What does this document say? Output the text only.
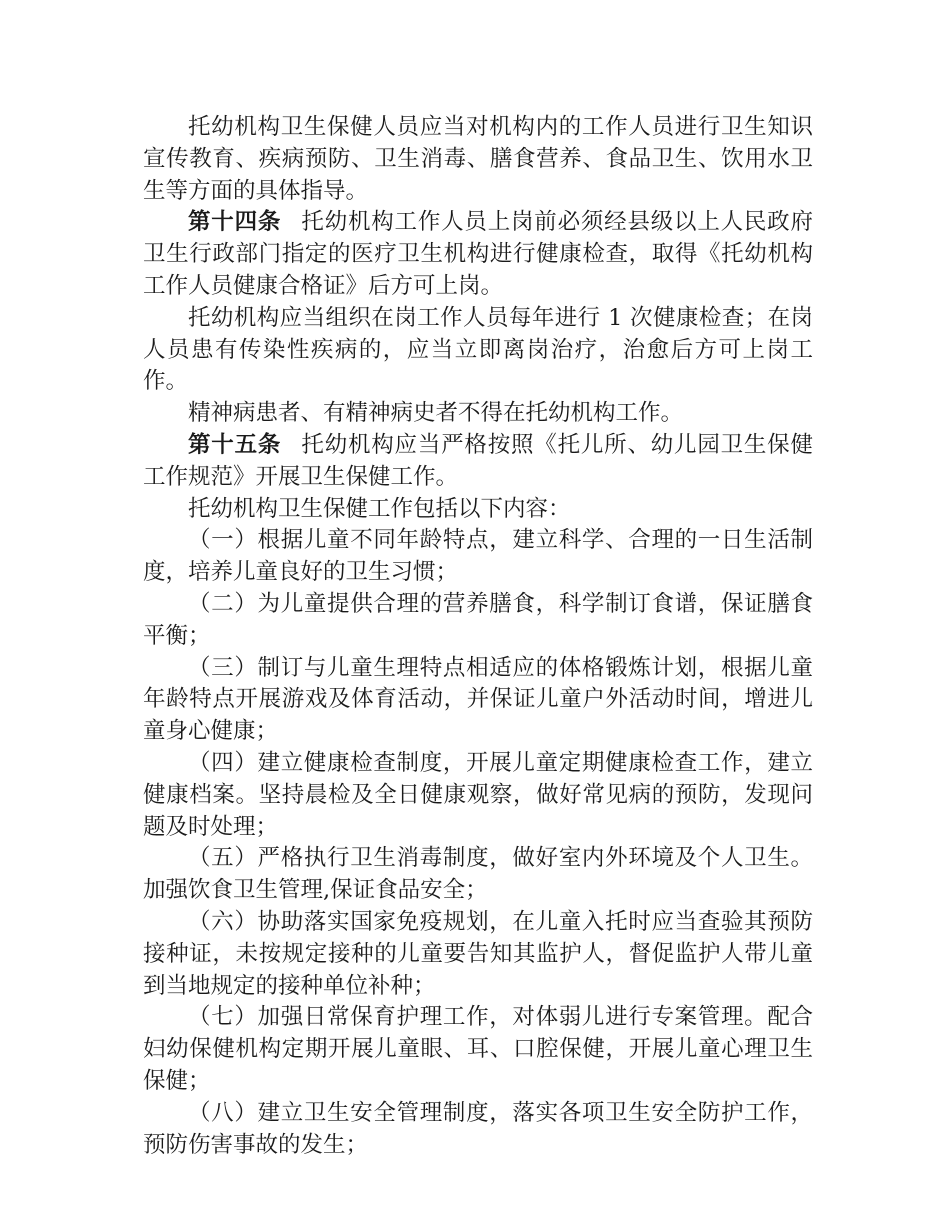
托幼机构卫生保健人员应当对机构内的工作人员进行卫生知识宣传教育、疾病预防、卫生消毒、膳食营养、食品卫生、饮用水卫生等方面的具体指导。

第十四条 托幼机构工作人员上岗前必须经县级以上人民政府卫生行政部门指定的医疗卫生机构进行健康检查，取得《托幼机构工作人员健康合格证》后方可上岗。

托幼机构应当组织在岗工作人员每年进行 1 次健康检查；在岗人员患有传染性疾病的，应当立即离岗治疗，治愈后方可上岗工作。

精神病患者、有精神病史者不得在托幼机构工作。

第十五条 托幼机构应当严格按照《托儿所、幼儿园卫生保健工作规范》开展卫生保健工作。

托幼机构卫生保健工作包括以下内容：

（一）根据儿童不同年龄特点，建立科学、合理的一日生活制度，培养儿童良好的卫生习惯；

（二）为儿童提供合理的营养膳食，科学制订食谱，保证膳食平衡；

（三）制订与儿童生理特点相适应的体格锻炼计划，根据儿童年龄特点开展游戏及体育活动，并保证儿童户外活动时间，增进儿童身心健康；

（四）建立健康检查制度，开展儿童定期健康检查工作，建立健康档案。坚持晨检及全日健康观察，做好常见病的预防，发现问题及时处理；

（五）严格执行卫生消毒制度，做好室内外环境及个人卫生。加强饮食卫生管理,保证食品安全；

（六）协助落实国家免疫规划，在儿童入托时应当查验其预防接种证，未按规定接种的儿童要告知其监护人，督促监护人带儿童到当地规定的接种单位补种；

（七）加强日常保育护理工作，对体弱儿进行专案管理。配合妇幼保健机构定期开展儿童眼、耳、口腔保健，开展儿童心理卫生保健；

（八）建立卫生安全管理制度，落实各项卫生安全防护工作，预防伤害事故的发生；
